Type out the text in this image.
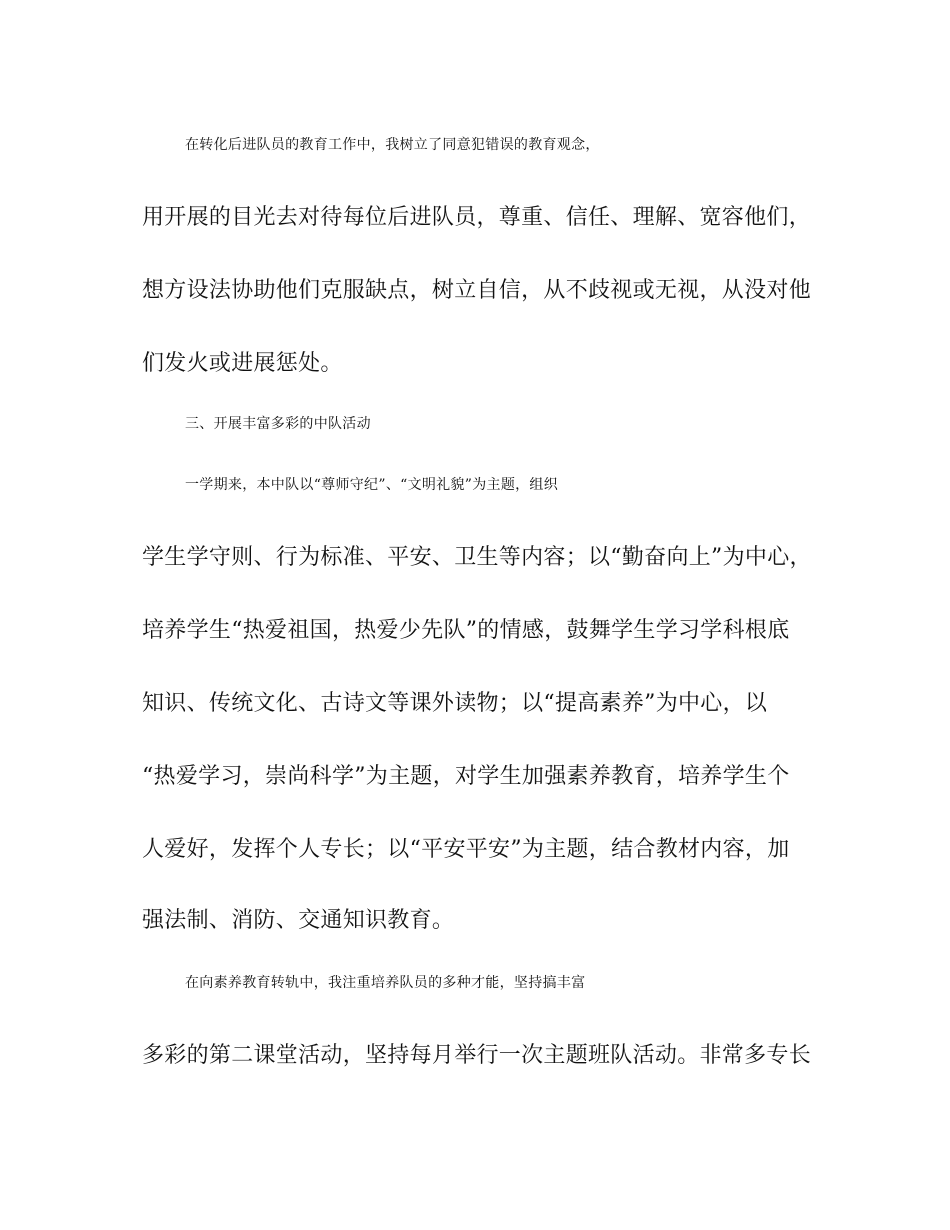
在转化后进队员的教育工作中，我树立了同意犯错误的教育观念，
用开展的目光去对待每位后进队员，尊重、信任、理解、宽容他们，
想方设法协助他们克服缺点，树立自信，从不歧视或无视，从没对他
们发火或进展惩处。
三、开展丰富多彩的中队活动
一学期来，本中队以“尊师守纪”、“文明礼貌”为主题，组织
学生学守则、行为标准、平安、卫生等内容；以“勤奋向上”为中心，
培养学生“热爱祖国，热爱少先队”的情感，鼓舞学生学习学科根底
知识、传统文化、古诗文等课外读物；以“提高素养”为中心，以
“热爱学习，崇尚科学”为主题，对学生加强素养教育，培养学生个
人爱好，发挥个人专长；以“平安平安”为主题，结合教材内容，加
强法制、消防、交通知识教育。
在向素养教育转轨中，我注重培养队员的多种才能，坚持搞丰富
多彩的第二课堂活动，坚持每月举行一次主题班队活动。非常多专长
